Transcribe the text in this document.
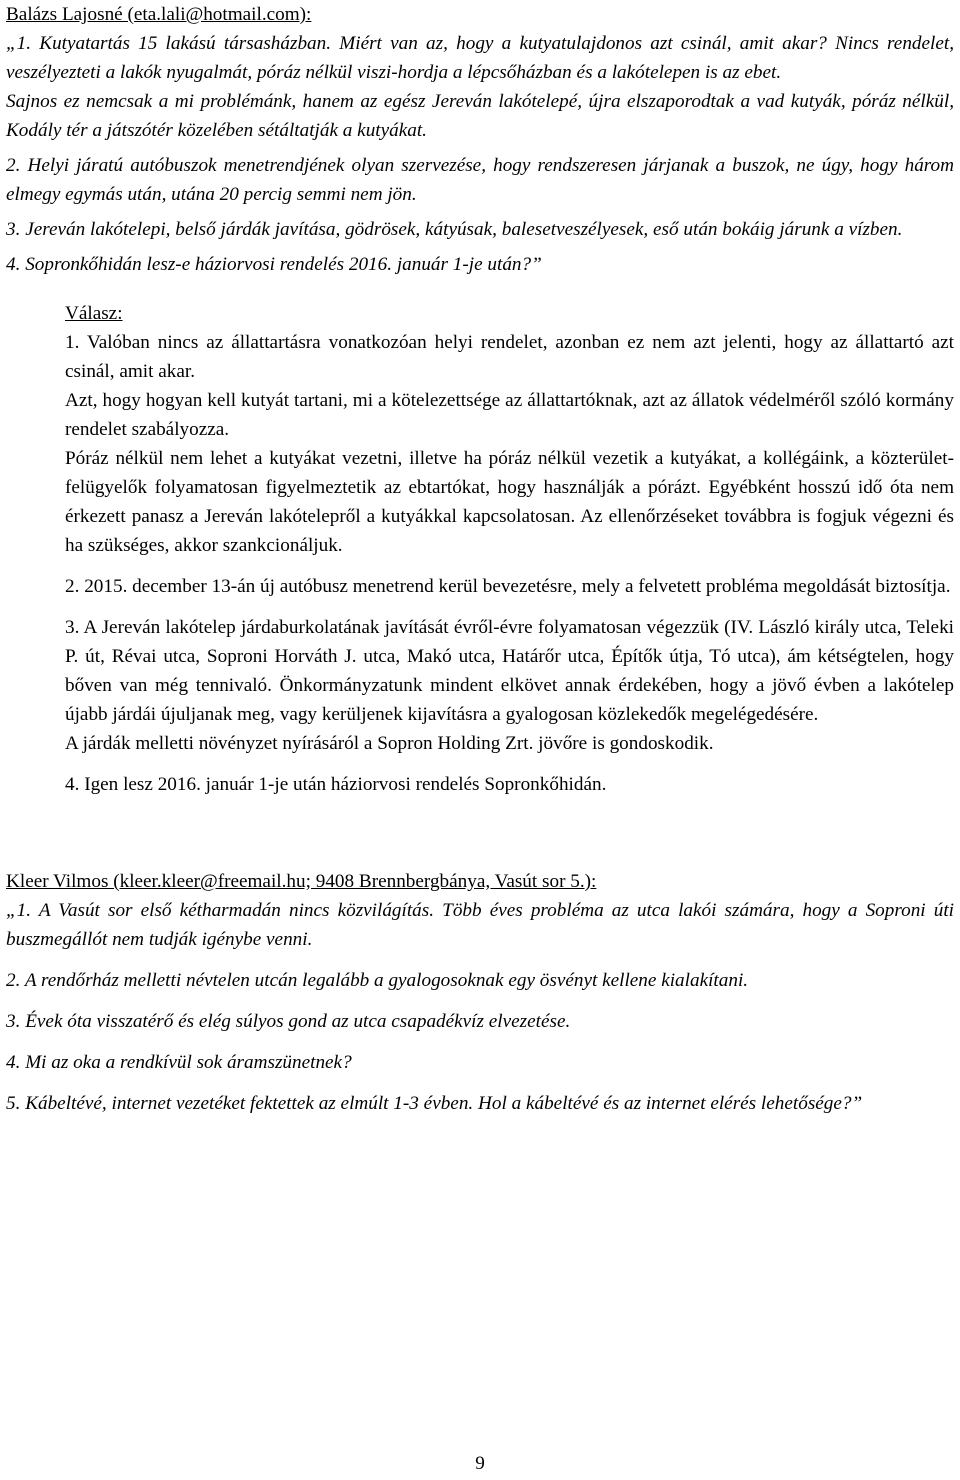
Balázs Lajosné (eta.lali@hotmail.com):

„1. Kutyatartás 15 lakású társasházban. Miért van az, hogy a kutyatulajdonos azt csinál, amit akar? Nincs rendelet, veszélyezteti a lakók nyugalmát, póráz nélkül viszi-hordja a lépcsőházban és a lakótelepen is az ebet.

Sajnos ez nemcsak a mi problémánk, hanem az egész Jereván lakótelepé, újra elszaporodtak a vad kutyák, póráz nélkül, Kodály tér a játszótér közelében sétáltatják a kutyákat.

2. Helyi járatú autóbuszok menetrendjének olyan szervezése, hogy rendszeresen járjanak a buszok, ne úgy, hogy három elmegy egymás után, utána 20 percig semmi nem jön.

3. Jereván lakótelepi, belső járdák javítása, gödrösek, kátyúsak, balesetveszélyesek, eső után bokáig járunk a vízben.

4. Sopronkőhidán lesz-e háziorvosi rendelés 2016. január 1-je után?”

Válasz:

1. Valóban nincs az állattartásra vonatkozóan helyi rendelet, azonban ez nem azt jelenti, hogy az állattartó azt csinál, amit akar.

Azt, hogy hogyan kell kutyát tartani, mi a kötelezettsége az állattartóknak, azt az állatok védelméről szóló kormány rendelet szabályozza.

Póráz nélkül nem lehet a kutyákat vezetni, illetve ha póráz nélkül vezetik a kutyákat, a kollégáink, a közterület-felügyelők folyamatosan figyelmeztetik az ebtartókat, hogy használják a pórázt. Egyébként hosszú idő óta nem érkezett panasz a Jereván lakótelepről a kutyákkal kapcsolatosan. Az ellenőrzéseket továbbra is fogjuk végezni és ha szükséges, akkor szankcionáljuk.

2. 2015. december 13-án új autóbusz menetrend kerül bevezetésre, mely a felvetett probléma megoldását biztosítja.

3. A Jereván lakótelep járdaburkolatának javítását évről-évre folyamatosan végezzük (IV. László király utca, Teleki P. út, Révai utca, Soproni Horváth J. utca, Makó utca, Határőr utca, Építők útja, Tó utca), ám kétségtelen, hogy bőven van még tennivaló. Önkormányzatunk mindent elkövet annak érdekében, hogy a jövő évben a lakótelep újabb járdái újuljanak meg, vagy kerüljenek kijavításra a gyalogosan közlekedők megelégedésére.

A járdák melletti növényzet nyírásáról a Sopron Holding Zrt. jövőre is gondoskodik.

4. Igen lesz 2016. január 1-je után háziorvosi rendelés Sopronkőhidán.

Kleer Vilmos (kleer.kleer@freemail.hu; 9408 Brennbergbánya, Vasút sor 5.):

„1. A Vasút sor első kétharmadán nincs közvilágítás. Több éves probléma az utca lakói számára, hogy a Soproni úti buszmegállót nem tudják igénybe venni.

2. A rendőrház melletti névtelen utcán legalább a gyalogosoknak egy ösvényt kellene kialakítani.

3. Évek óta visszatérő és elég súlyos gond az utca csapadékvíz elvezetése.

4. Mi az oka a rendkívül sok áramszünetnek?

5. Kábeltévé, internet vezetéket fektettek az elmúlt 1-3 évben. Hol a kábeltévé és az internet elérés lehetősége?”

9
